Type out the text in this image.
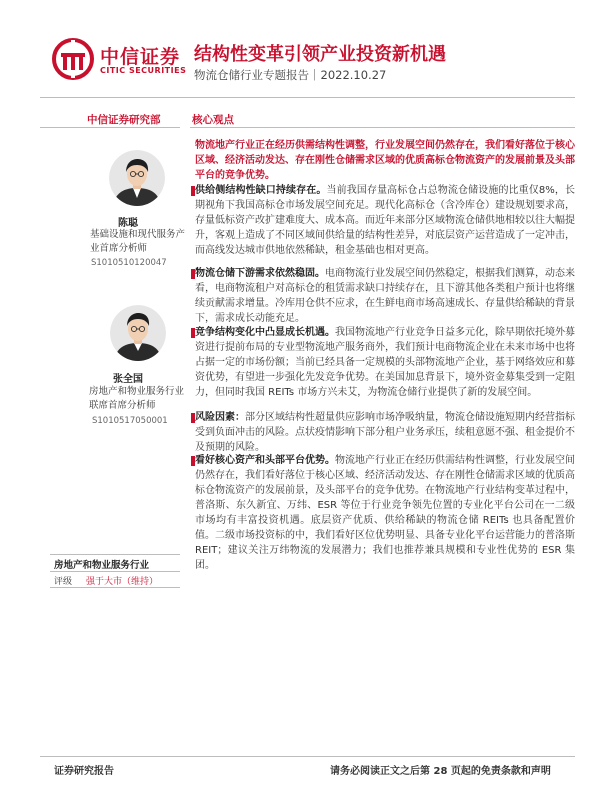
中信证券
CITIC SECURITIES
结构性变革引领产业投资新机遇
物流仓储行业专题报告｜2022.10.27
中信证券研究部
陈聪
基础设施和现代服务产业首席分析师
S1010510120047
张全国
房地产和物业服务行业联席首席分析师
S1010517050001
房地产和物业服务行业
评级 强于大市（维持）
核心观点
物流地产行业正在经历供需结构性调整，行业发展空间仍然存在，我们看好落位于核心区域、经济活动发达、存在刚性仓储需求区域的优质高标仓物流资产的发展前景及头部平台的竞争优势。
供给侧结构性缺口持续存在。当前我国存量高标仓占总物流仓储设施的比重仅8%，长期视角下我国高标仓市场发展空间充足。现代化高标仓（含冷库仓）建设规划要求高，存量低标资产改扩建难度大、成本高。而近年来部分区域物流仓储供地相较以往大幅提升，客观上造成了不同区域间供给量的结构性差异，对底层资产运营造成了一定冲击，而高线发达城市供地依然稀缺，租金基础也相对更高。
物流仓储下游需求依然稳固。电商物流行业发展空间仍然稳定，根据我们测算，动态来看，电商物流租户对高标仓的租赁需求缺口持续存在，且下游其他各类租户预计也将继续贡献需求增量。冷库用仓供不应求，在生鲜电商市场高速成长、存量供给稀缺的背景下，需求成长动能充足。
竞争结构变化中凸显成长机遇。我国物流地产行业竞争日益多元化，除早期依托境外募资进行提前布局的专业型物流地产服务商外，我们预计电商物流企业在未来市场中也将占据一定的市场份额；当前已经具备一定规模的头部物流地产企业，基于网络效应和募资优势，有望进一步强化先发竞争优势。在美国加息背景下，境外资金募集受到一定阻力，但同时我国 REITs 市场方兴未艾，为物流仓储行业提供了新的发展空间。
风险因素：部分区域结构性超量供应影响市场净吸纳量，物流仓储设施短期内经营指标受到负面冲击的风险。点状疫情影响下部分租户业务承压，续租意愿不强、租金提价不及预期的风险。
看好核心资产和头部平台优势。物流地产行业正在经历供需结构性调整，行业发展空间仍然存在，我们看好落位于核心区域、经济活动发达、存在刚性仓储需求区域的优质高标仓物流资产的发展前景，及头部平台的竞争优势。在物流地产行业结构变革过程中，普洛斯、东久新宜、万纬、ESR 等位于行业竞争领先位置的专业化平台公司在一二级市场均有丰富投资机遇。底层资产优质、供给稀缺的物流仓储 REITs 也具备配置价值。二级市场投资标的中，我们看好区位优势明显、具备专业化平台运营能力的普洛斯 REIT；建议关注万纬物流的发展潜力；我们也推荐兼具规模和专业性优势的 ESR 集团。
证券研究报告	请务必阅读正文之后第 28 页起的免责条款和声明
